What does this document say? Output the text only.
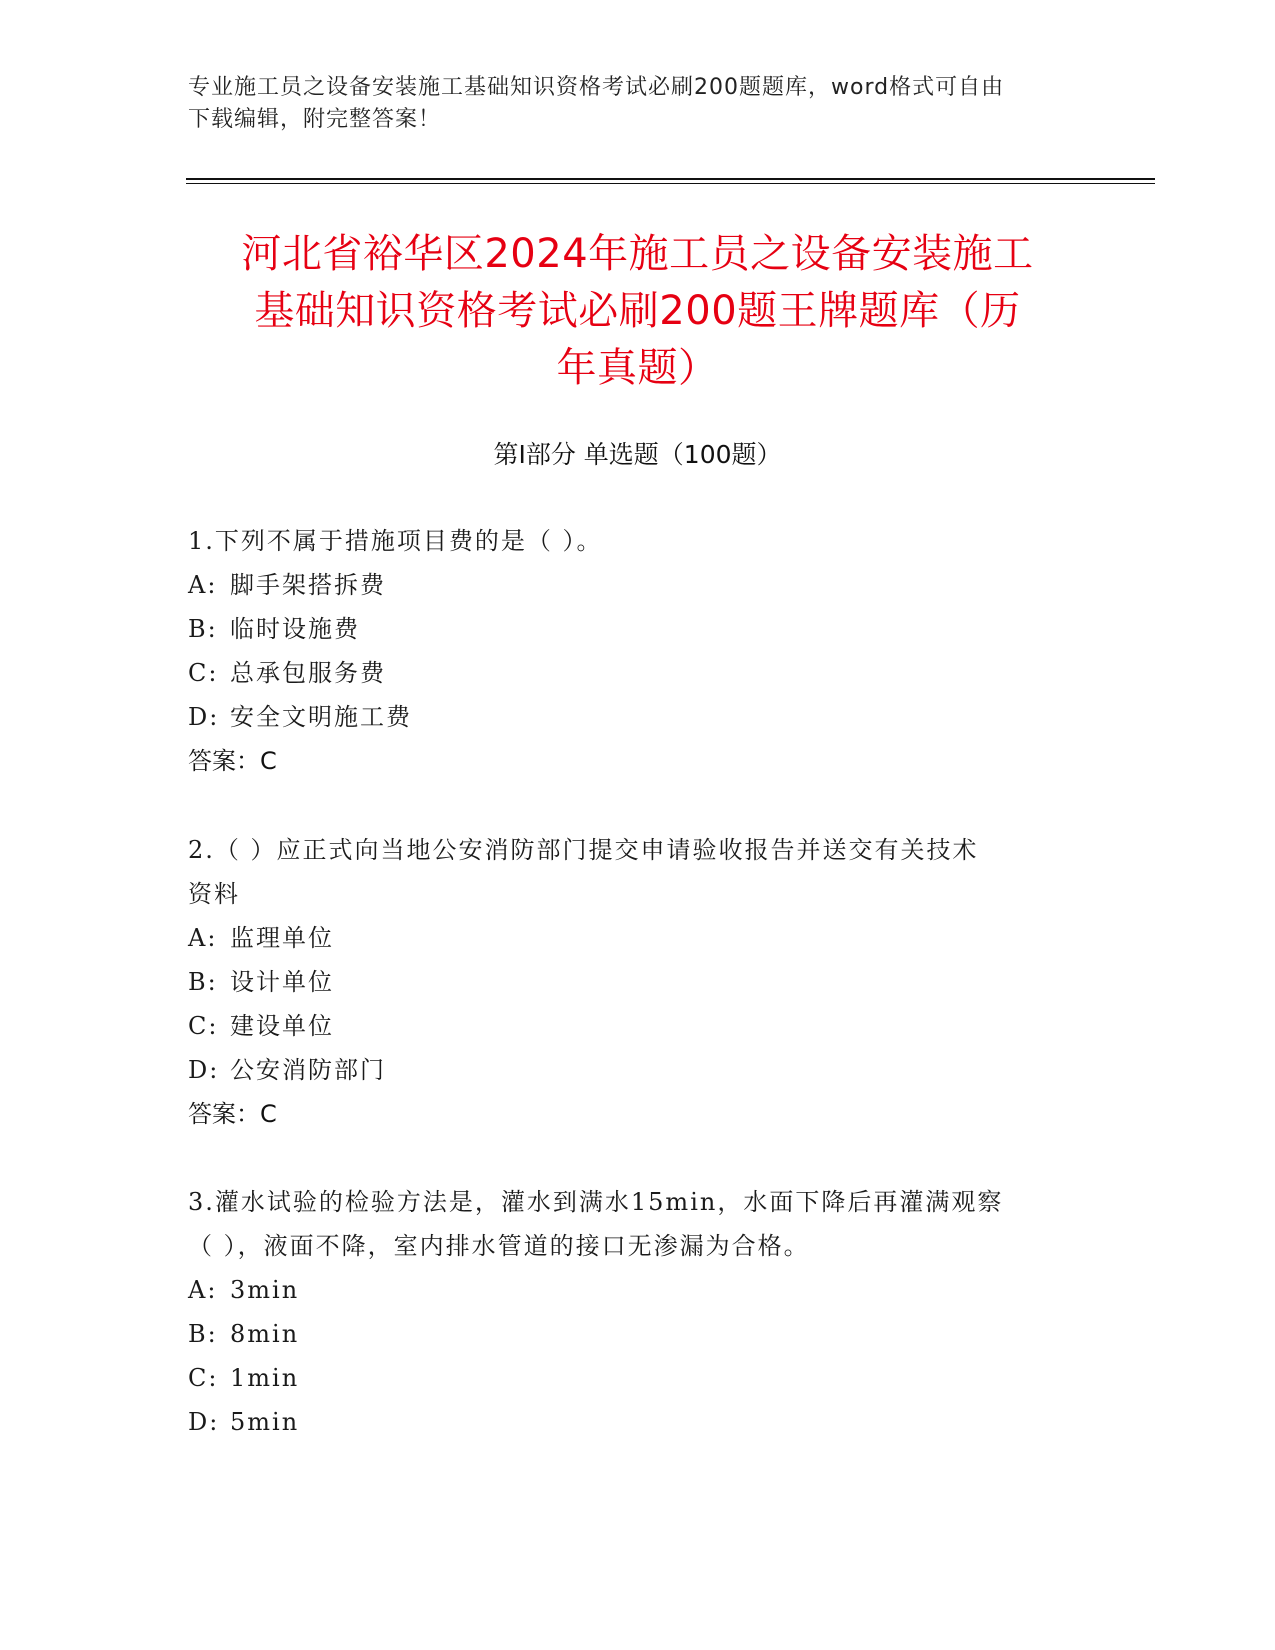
专业施工员之设备安装施工基础知识资格考试必刷200题题库，word格式可自由
下载编辑，附完整答案！
河北省裕华区2024年施工员之设备安装施工
基础知识资格考试必刷200题王牌题库（历
年真题）
第Ⅰ部分 单选题（100题）
1.下列不属于措施项目费的是（ ）。
A: 脚手架搭拆费
B: 临时设施费
C: 总承包服务费
D: 安全文明施工费
答案：C
2.（ ）应正式向当地公安消防部门提交申请验收报告并送交有关技术
资料
A: 监理单位
B: 设计单位
C: 建设单位
D: 公安消防部门
答案：C
3.灌水试验的检验方法是，灌水到满水15min，水面下降后再灌满观察
（ ），液面不降，室内排水管道的接口无渗漏为合格。
A: 3min
B: 8min
C: 1min
D: 5min
